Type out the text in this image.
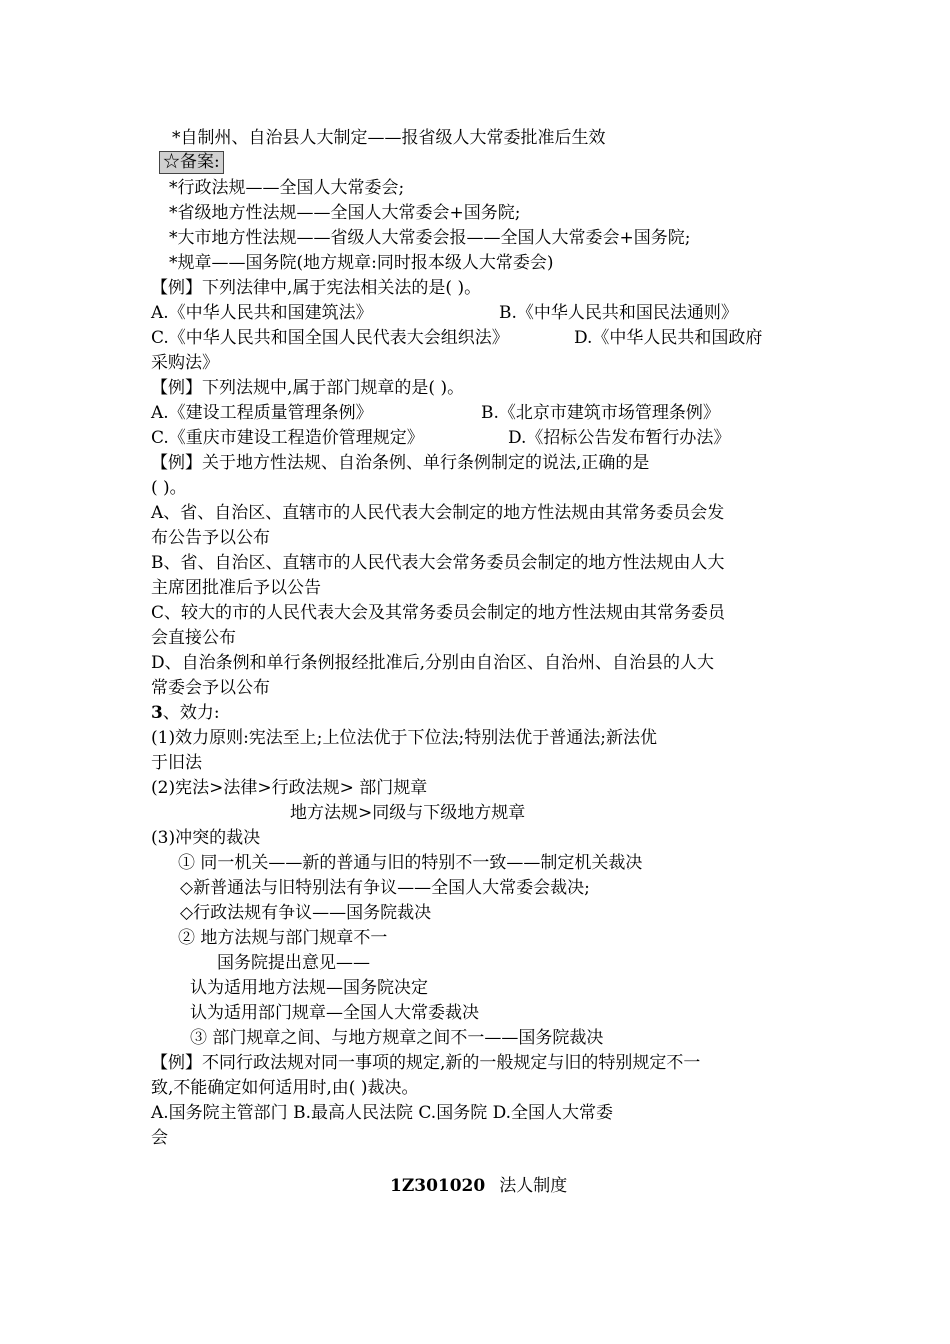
*自制州、自治县人大制定——报省级人大常委批准后生效
☆备案:
*行政法规——全国人大常委会;
*省级地方性法规——全国人大常委会+国务院;
*大市地方性法规——省级人大常委会报——全国人大常委会+国务院;
*规章——国务院(地方规章:同时报本级人大常委会)
【例】下列法律中,属于宪法相关法的是( )。
A.《中华人民共和国建筑法》	B.《中华人民共和国民法通则》
C.《中华人民共和国全国人民代表大会组织法》	D.《中华人民共和国政府
采购法》
【例】下列法规中,属于部门规章的是( )。
A.《建设工程质量管理条例》	B.《北京市建筑市场管理条例》
C.《重庆市建设工程造价管理规定》	D.《招标公告发布暂行办法》
【例】关于地方性法规、自治条例、单行条例制定的说法,正确的是
( )。
A、省、自治区、直辖市的人民代表大会制定的地方性法规由其常务委员会发
布公告予以公布
B、省、自治区、直辖市的人民代表大会常务委员会制定的地方性法规由人大
主席团批准后予以公告
C、较大的市的人民代表大会及其常务委员会制定的地方性法规由其常务委员
会直接公布
D、自治条例和单行条例报经批准后,分别由自治区、自治州、自治县的人大
常委会予以公布
3、效力:
(1)效力原则:宪法至上;上位法优于下位法;特别法优于普通法;新法优
于旧法
(2)宪法>法律>行政法规> 部门规章
地方法规>同级与下级地方规章
(3)冲突的裁决
① 同一机关——新的普通与旧的特别不一致——制定机关裁决
◇新普通法与旧特别法有争议——全国人大常委会裁决;
◇行政法规有争议——国务院裁决
② 地方法规与部门规章不一
国务院提出意见——
认为适用地方法规—国务院决定
认为适用部门规章—全国人大常委裁决
③ 部门规章之间、与地方规章之间不一——国务院裁决
【例】不同行政法规对同一事项的规定,新的一般规定与旧的特别规定不一
致,不能确定如何适用时,由( )裁决。
A.国务院主管部门 B.最高人民法院 C.国务院 D.全国人大常委
会
1Z301020 法人制度
